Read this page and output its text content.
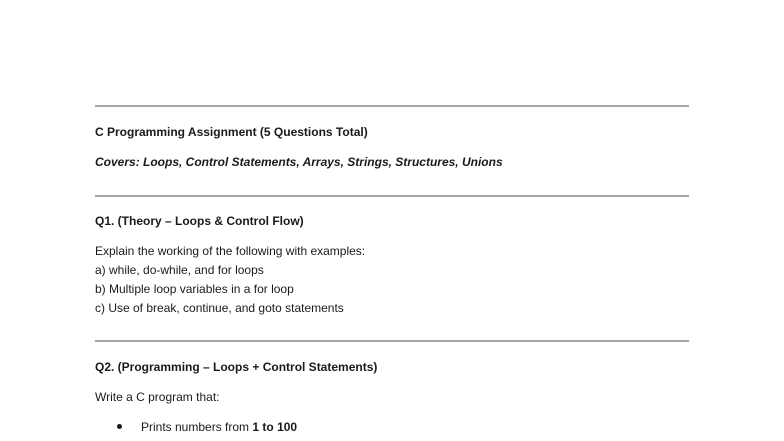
C Programming Assignment (5 Questions Total)
Covers: Loops, Control Statements, Arrays, Strings, Structures, Unions
Q1. (Theory – Loops & Control Flow)
Explain the working of the following with examples:
a) while, do-while, and for loops
b) Multiple loop variables in a for loop
c) Use of break, continue, and goto statements
Q2. (Programming – Loops + Control Statements)
Write a C program that:
Prints numbers from 1 to 100
